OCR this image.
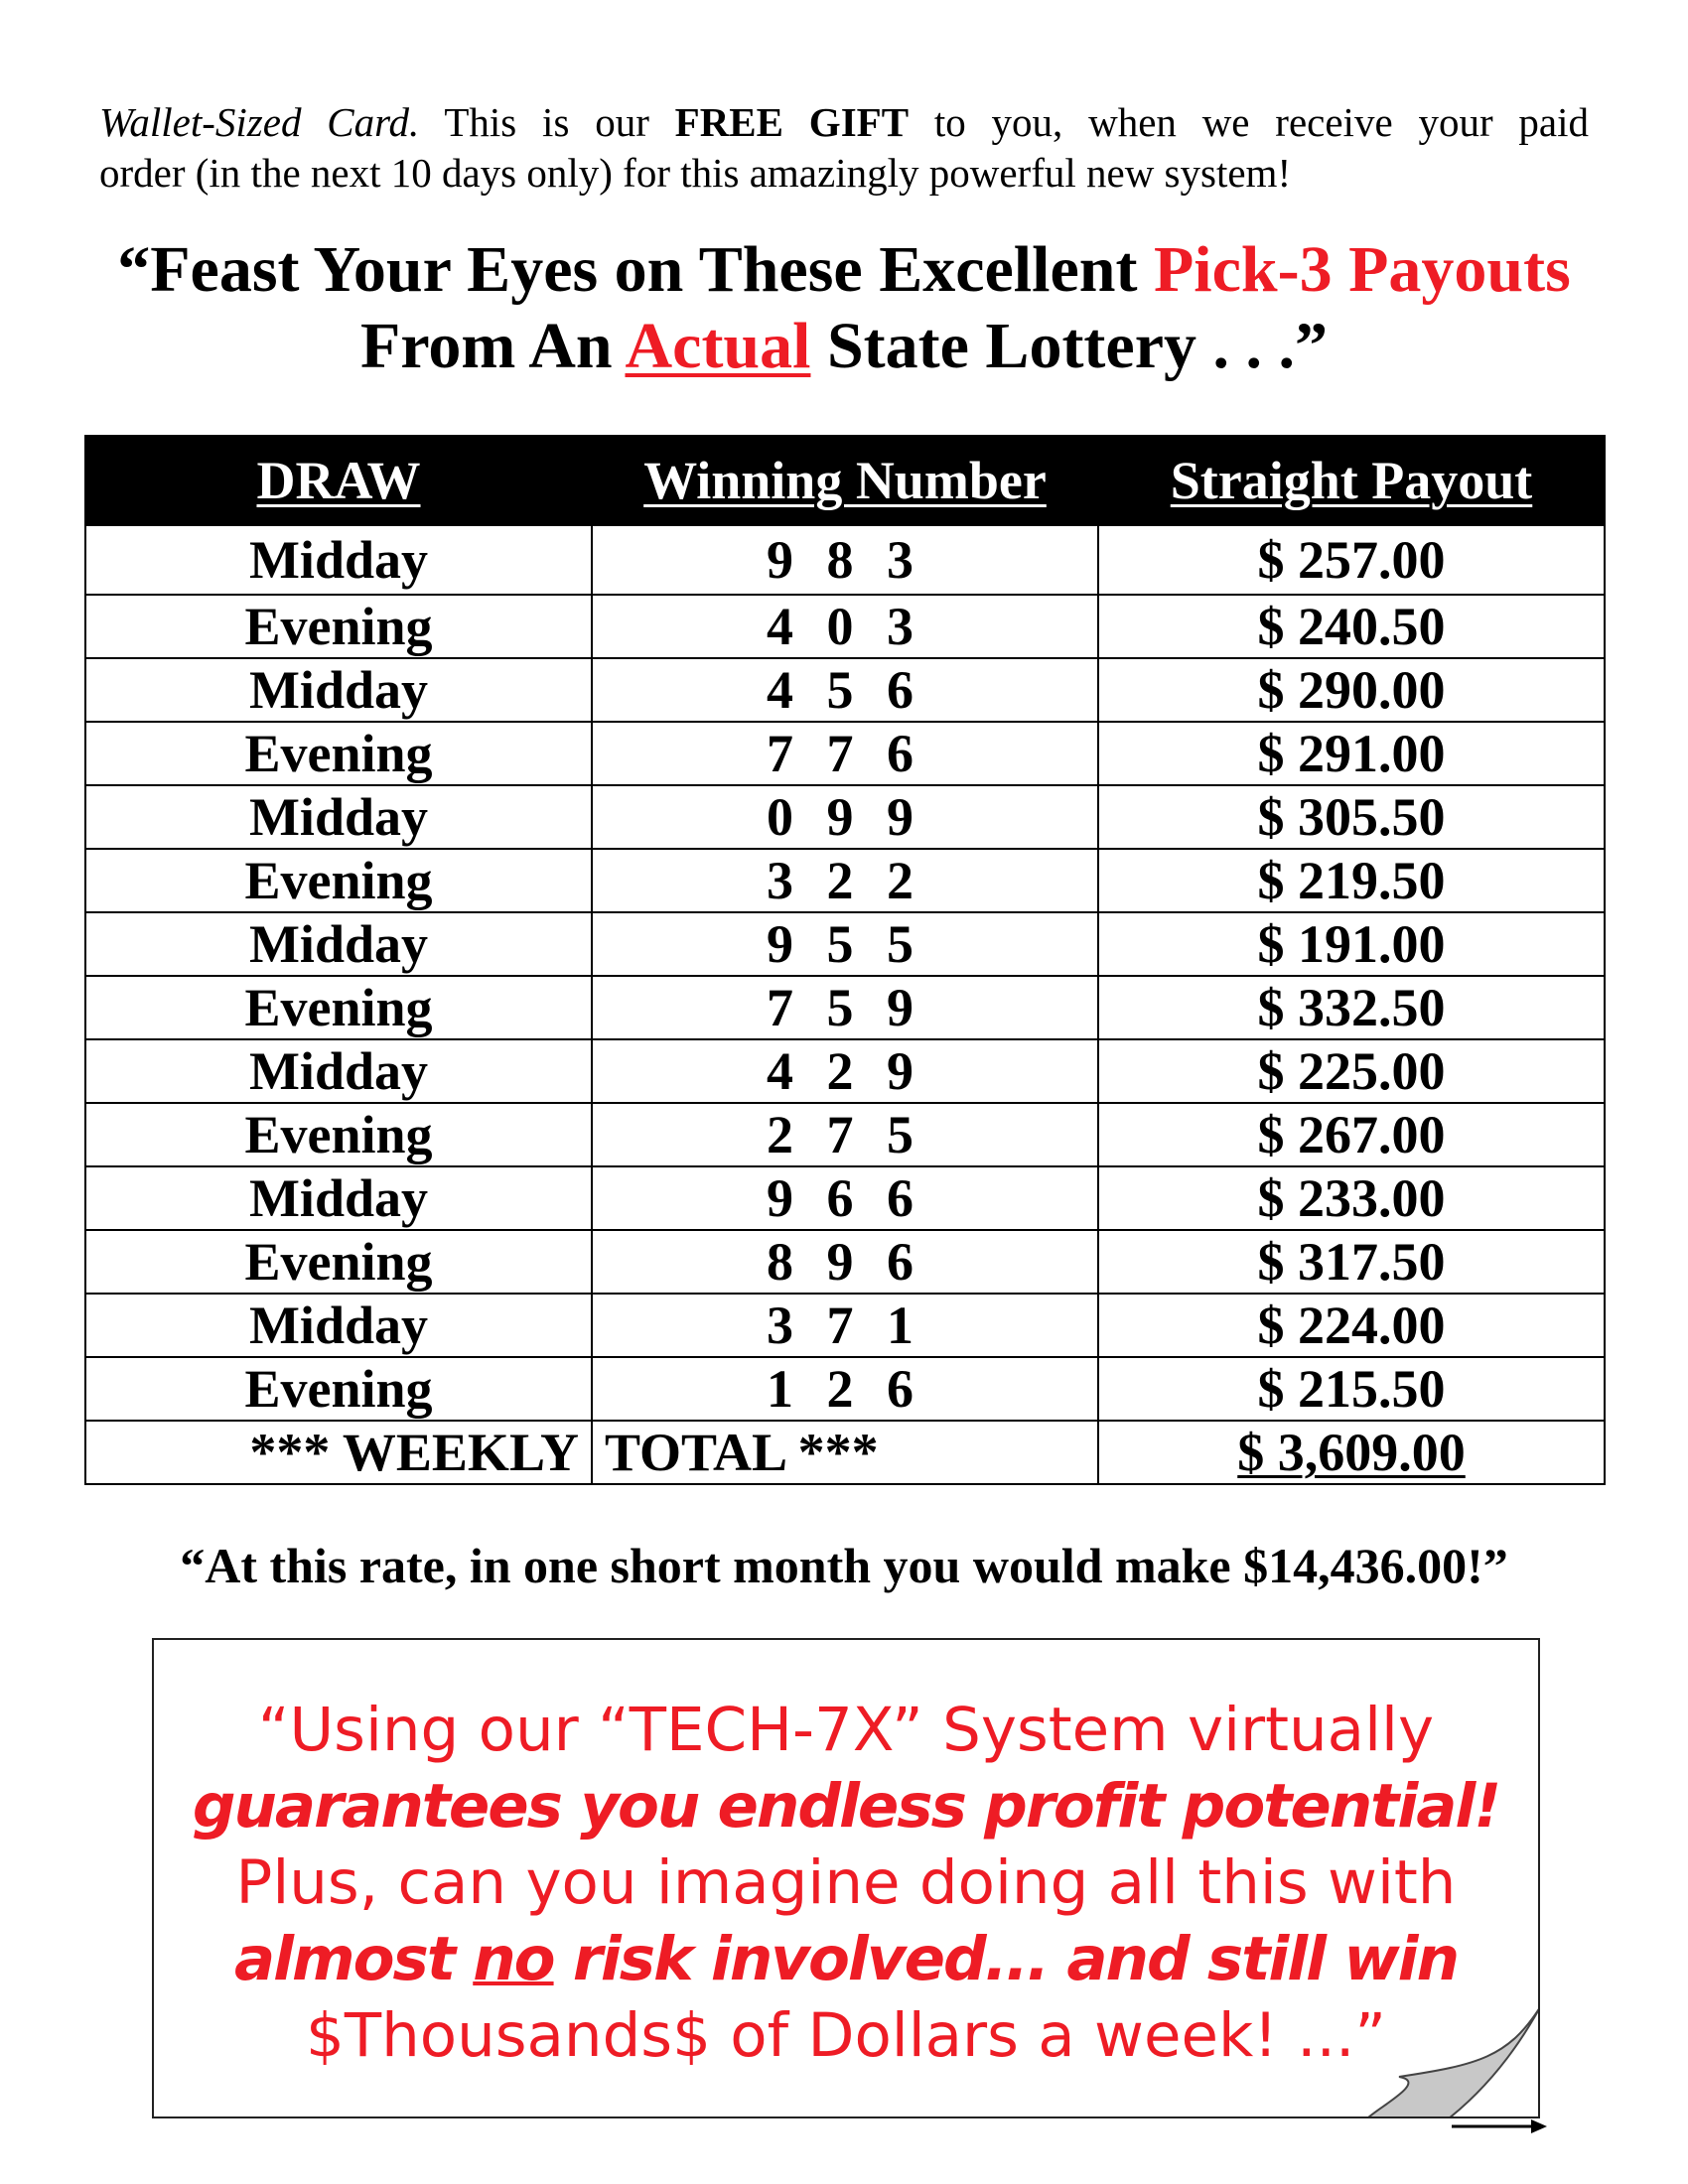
Wallet-Sized Card. This is our FREE GIFT to you, when we receive your paid
order (in the next 10 days only) for this amazingly powerful new system!
“Feast Your Eyes on These Excellent Pick-3 Payouts
From An Actual State Lottery . . .”
DRAW	Winning Number	Straight Payout
Midday	9 8 3	$ 257.00
Evening	4 0 3	$ 240.50
Midday	4 5 6	$ 290.00
Evening	7 7 6	$ 291.00
Midday	0 9 9	$ 305.50
Evening	3 2 2	$ 219.50
Midday	9 5 5	$ 191.00
Evening	7 5 9	$ 332.50
Midday	4 2 9	$ 225.00
Evening	2 7 5	$ 267.00
Midday	9 6 6	$ 233.00
Evening	8 9 6	$ 317.50
Midday	3 7 1	$ 224.00
Evening	1 2 6	$ 215.50
*** WEEKLY	TOTAL ***	$ 3,609.00
“At this rate, in one short month you would make $14,436.00!”
“Using our “TECH-7X” System virtually
guarantees you endless profit potential!
Plus, can you imagine doing all this with
almost no risk involved... and still win
$Thousands$ of Dollars a week! ...”
